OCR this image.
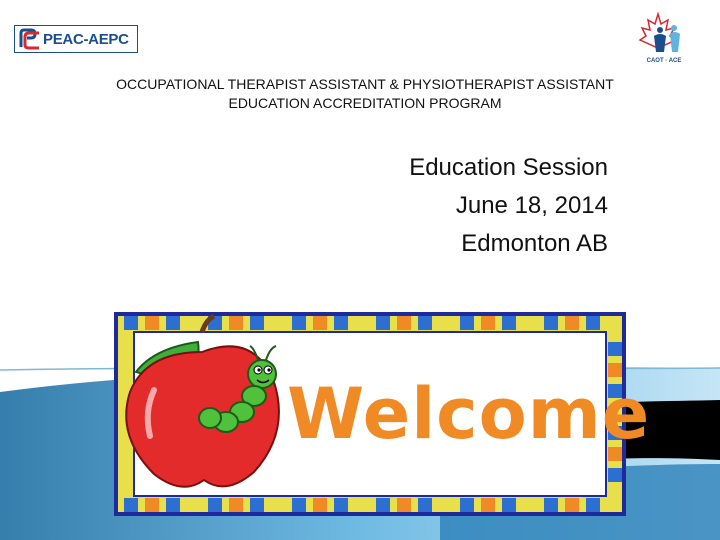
PEAC-AEPC
CAOT · ACE
OCCUPATIONAL THERAPIST ASSISTANT & PHYSIOTHERAPIST ASSISTANT
EDUCATION ACCREDITATION PROGRAM
Education Session
June 18, 2014
Edmonton AB
Welcome
